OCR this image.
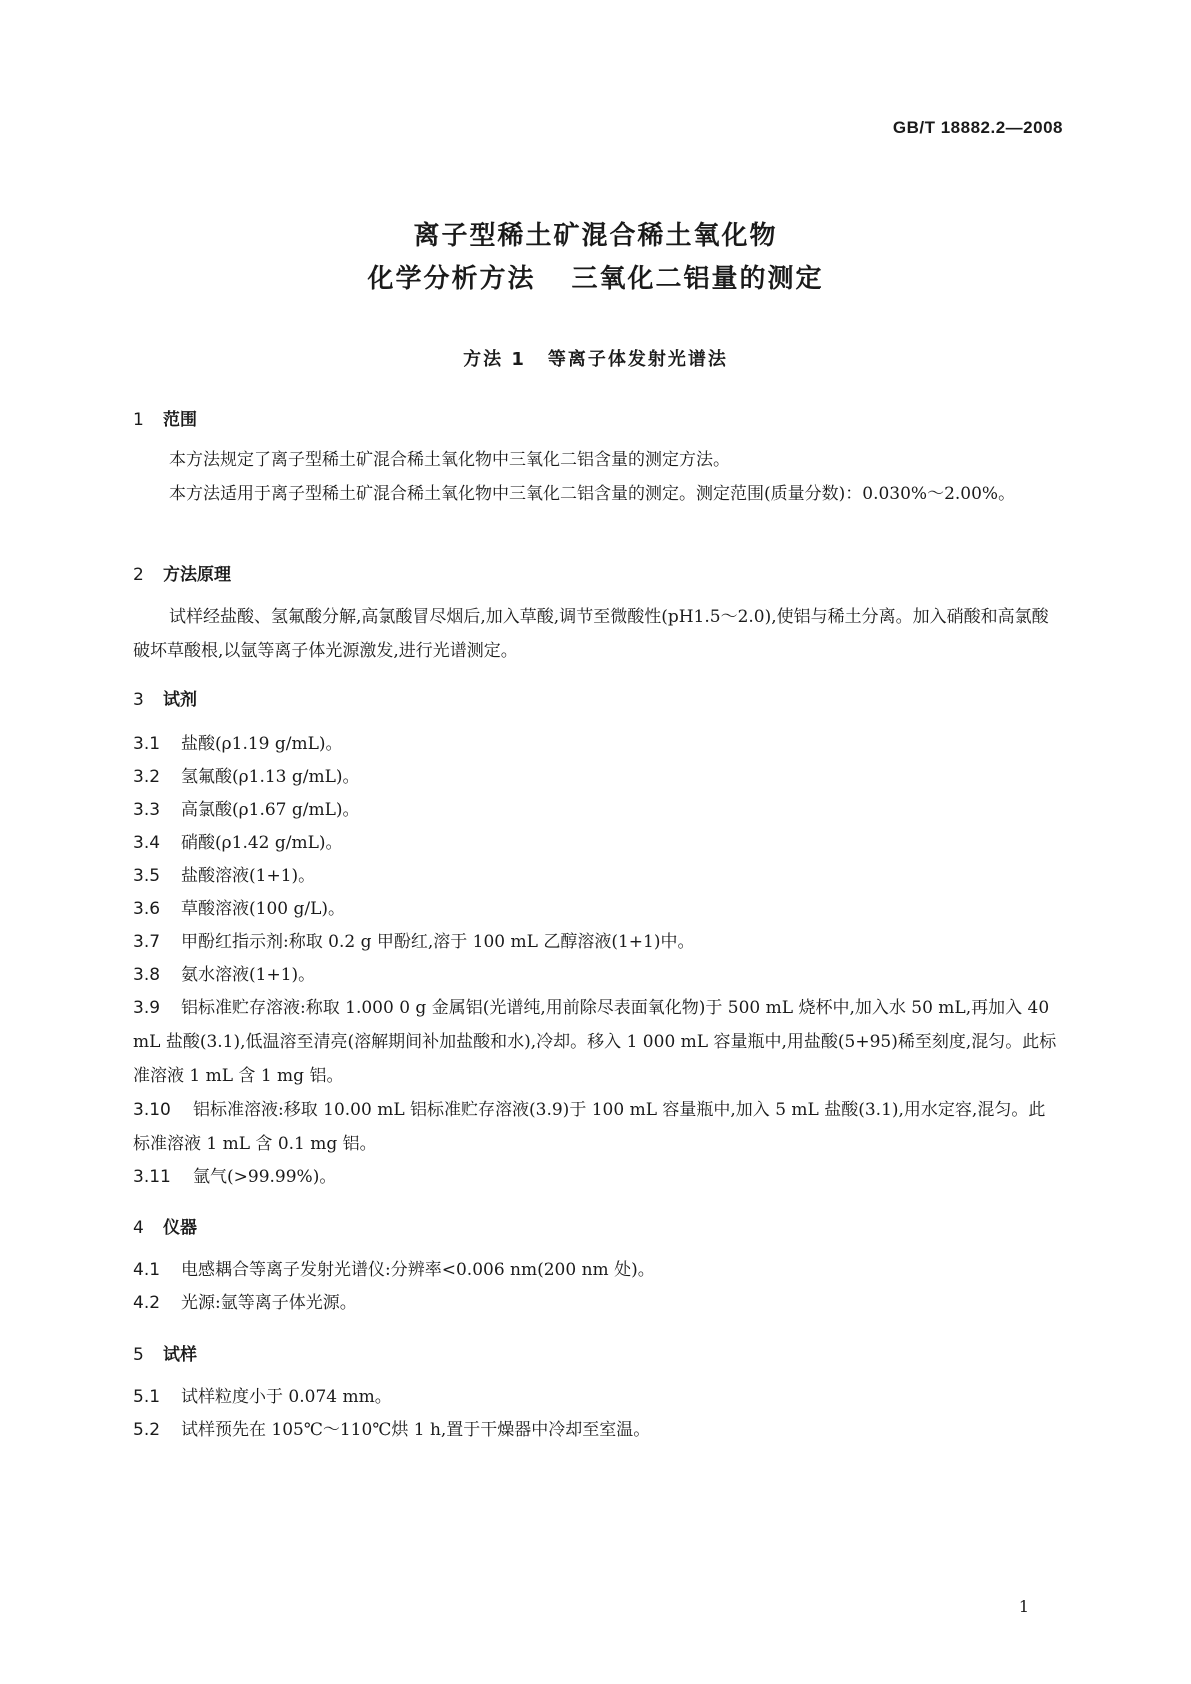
GB/T 18882.2—2008
离子型稀土矿混合稀土氧化物
化学分析方法 三氧化二铝量的测定
方法 1 等离子体发射光谱法
1 范围
本方法规定了离子型稀土矿混合稀土氧化物中三氧化二铝含量的测定方法。
本方法适用于离子型稀土矿混合稀土氧化物中三氧化二铝含量的测定。测定范围(质量分数)：0.030%～2.00%。
2 方法原理
试样经盐酸、氢氟酸分解,高氯酸冒尽烟后,加入草酸,调节至微酸性(pH1.5～2.0),使铝与稀土分离。加入硝酸和高氯酸破坏草酸根,以氩等离子体光源激发,进行光谱测定。
3 试剂
3.1 盐酸(ρ1.19 g/mL)。
3.2 氢氟酸(ρ1.13 g/mL)。
3.3 高氯酸(ρ1.67 g/mL)。
3.4 硝酸(ρ1.42 g/mL)。
3.5 盐酸溶液(1+1)。
3.6 草酸溶液(100 g/L)。
3.7 甲酚红指示剂:称取 0.2 g 甲酚红,溶于 100 mL 乙醇溶液(1+1)中。
3.8 氨水溶液(1+1)。
3.9 铝标准贮存溶液:称取 1.000 0 g 金属铝(光谱纯,用前除尽表面氧化物)于 500 mL 烧杯中,加入水 50 mL,再加入 40 mL 盐酸(3.1),低温溶至清亮(溶解期间补加盐酸和水),冷却。移入 1 000 mL 容量瓶中,用盐酸(5+95)稀至刻度,混匀。此标准溶液 1 mL 含 1 mg 铝。
3.10 铝标准溶液:移取 10.00 mL 铝标准贮存溶液(3.9)于 100 mL 容量瓶中,加入 5 mL 盐酸(3.1),用水定容,混匀。此标准溶液 1 mL 含 0.1 mg 铝。
3.11 氩气(>99.99%)。
4 仪器
4.1 电感耦合等离子发射光谱仪:分辨率<0.006 nm(200 nm 处)。
4.2 光源:氩等离子体光源。
5 试样
5.1 试样粒度小于 0.074 mm。
5.2 试样预先在 105℃～110℃烘 1 h,置于干燥器中冷却至室温。
1
